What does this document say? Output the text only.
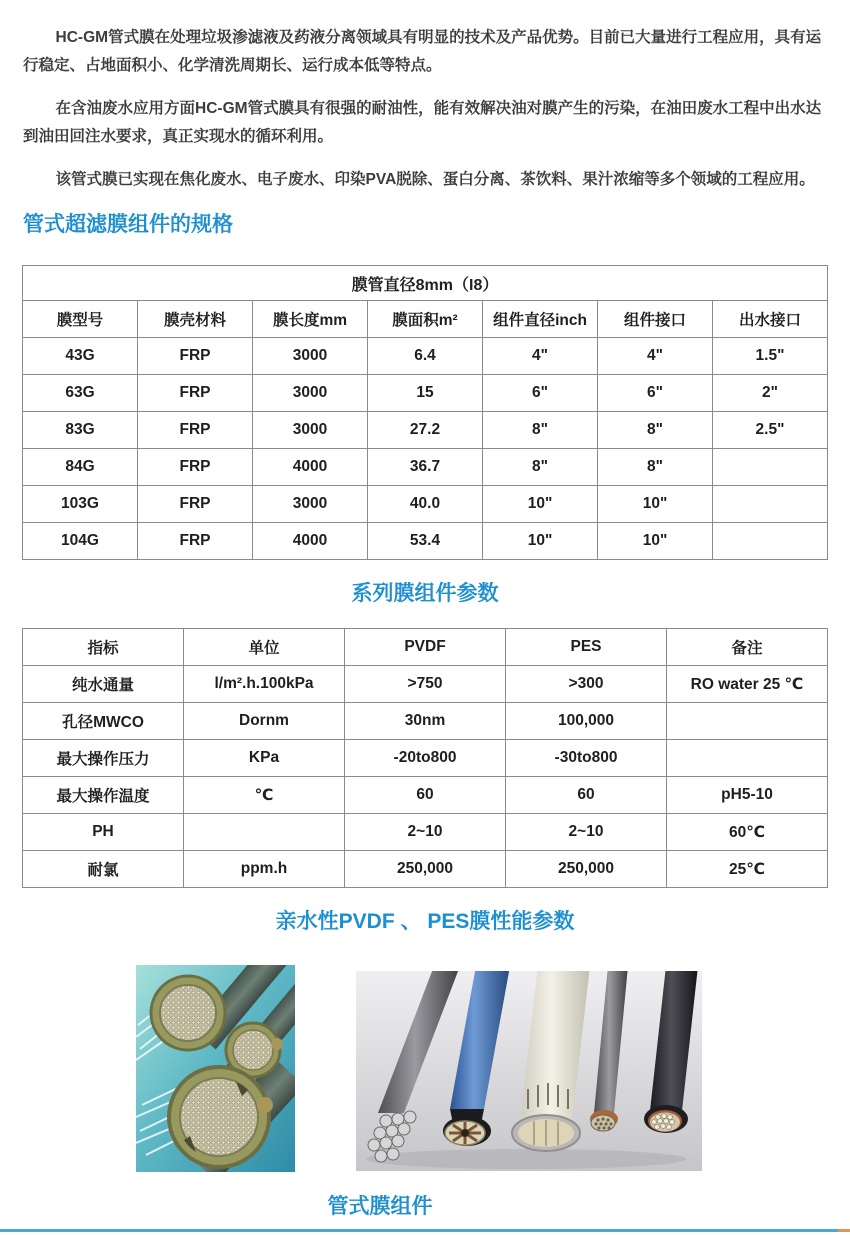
HC-GM管式膜在处理垃圾渗滤液及药液分离领域具有明显的技术及产品优势。目前已大量进行工程应用，具有运行稳定、占地面积小、化学清洗周期长、运行成本低等特点。

在含油废水应用方面HC-GM管式膜具有很强的耐油性，能有效解决油对膜产生的污染，在油田废水工程中出水达到油田回注水要求，真正实现水的循环利用。

该管式膜已实现在焦化废水、电子废水、印染PVA脱除、蛋白分离、茶饮料、果汁浓缩等多个领域的工程应用。

管式超滤膜组件的规格
膜管直径8mm（I8）						
膜型号	膜壳材料	膜长度mm	膜面积m²	组件直径inch	组件接口	出水接口
43G	FRP	3000	6.4	4"	4"	1.5"
63G	FRP	3000	15	6"	6"	2"
83G	FRP	3000	27.2	8"	8"	2.5"
84G	FRP	4000	36.7	8"	8"	
103G	FRP	3000	40.0	10"	10"	
104G	FRP	4000	53.4	10"	10"	
系列膜组件参数
指标	单位	PVDF	PES	备注
纯水通量	l/m².h.100kPa	>750	>300	RO water 25 ℃
孔径MWCO	Dornm	30nm	100,000	
最大操作压力	KPa	-20to800	-30to800	
最大操作温度	℃	60	60	pH5-10
PH		2~10	2~10	60℃
耐氯	ppm.h	250,000	250,000	25℃
亲水性PVDF 、 PES膜性能参数
管式膜组件
